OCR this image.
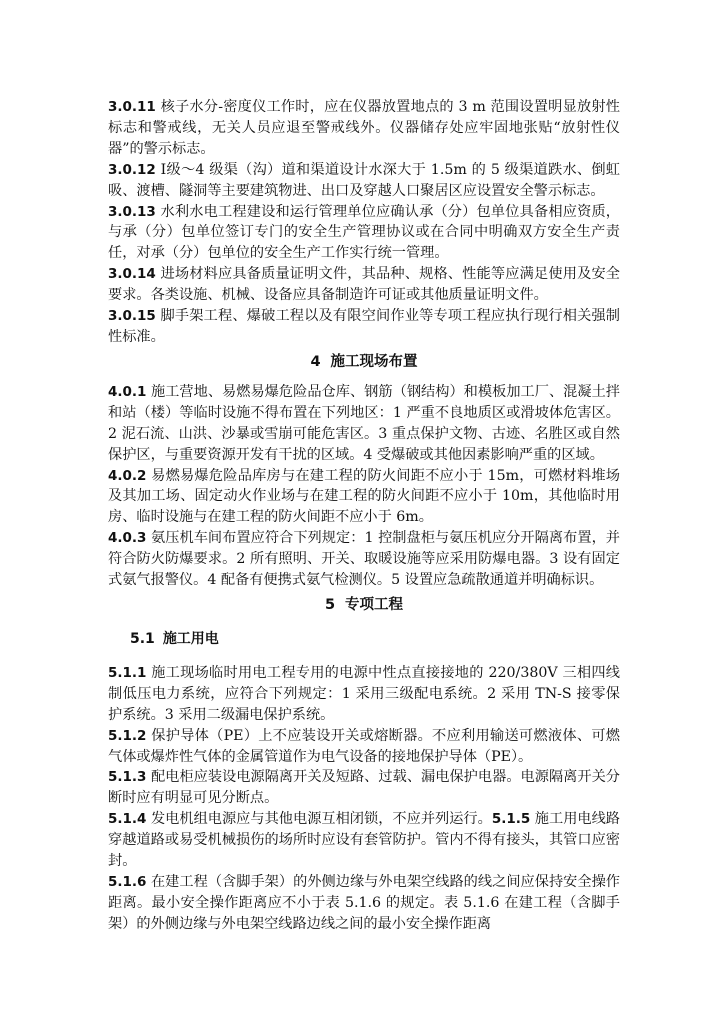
3.0.11 核子水分-密度仪工作时，应在仪器放置地点的 3 m 范围设置明显放射性标志和警戒线，无关人员应退至警戒线外。仪器储存处应牢固地张贴“放射性仪器”的警示标志。

3.0.12 Ⅰ级～4 级渠（沟）道和渠道设计水深大于 1.5m 的 5 级渠道跌水、倒虹吸、渡槽、隧洞等主要建筑物进、出口及穿越人口聚居区应设置安全警示标志。

3.0.13 水利水电工程建设和运行管理单位应确认承（分）包单位具备相应资质，与承（分）包单位签订专门的安全生产管理协议或在合同中明确双方安全生产责任，对承（分）包单位的安全生产工作实行统一管理。

3.0.14 进场材料应具备质量证明文件，其品种、规格、性能等应满足使用及安全要求。各类设施、机械、设备应具备制造许可证或其他质量证明文件。

3.0.15 脚手架工程、爆破工程以及有限空间作业等专项工程应执行现行相关强制性标准。

4 施工现场布置

4.0.1 施工营地、易燃易爆危险品仓库、钢筋（钢结构）和模板加工厂、混凝土拌和站（楼）等临时设施不得布置在下列地区：1 严重不良地质区或滑坡体危害区。2 泥石流、山洪、沙暴或雪崩可能危害区。3 重点保护文物、古迹、名胜区或自然保护区，与重要资源开发有干扰的区域。4 受爆破或其他因素影响严重的区域。

4.0.2 易燃易爆危险品库房与在建工程的防火间距不应小于 15m，可燃材料堆场及其加工场、固定动火作业场与在建工程的防火间距不应小于 10m，其他临时用房、临时设施与在建工程的防火间距不应小于 6m。

4.0.3 氨压机车间布置应符合下列规定：1 控制盘柜与氨压机应分开隔离布置，并符合防火防爆要求。2 所有照明、开关、取暖设施等应采用防爆电器。3 设有固定式氨气报警仪。4 配备有便携式氨气检测仪。5 设置应急疏散通道并明确标识。

5 专项工程
5.1 施工用电

5.1.1 施工现场临时用电工程专用的电源中性点直接接地的 220/380V 三相四线制低压电力系统，应符合下列规定：1 采用三级配电系统。2 采用 TN-S 接零保护系统。3 采用二级漏电保护系统。

5.1.2 保护导体（PE）上不应装设开关或熔断器。不应利用输送可燃液体、可燃气体或爆炸性气体的金属管道作为电气设备的接地保护导体（PE）。

5.1.3 配电柜应装设电源隔离开关及短路、过载、漏电保护电器。电源隔离开关分断时应有明显可见分断点。

5.1.4 发电机组电源应与其他电源互相闭锁，不应并列运行。5.1.5 施工用电线路穿越道路或易受机械损伤的场所时应设有套管防护。管内不得有接头，其管口应密封。

5.1.6 在建工程（含脚手架）的外侧边缘与外电架空线路的线之间应保持安全操作距离。最小安全操作距离应不小于表 5.1.6 的规定。表 5.1.6 在建工程（含脚手架）的外侧边缘与外电架空线路边线之间的最小安全操作距离
